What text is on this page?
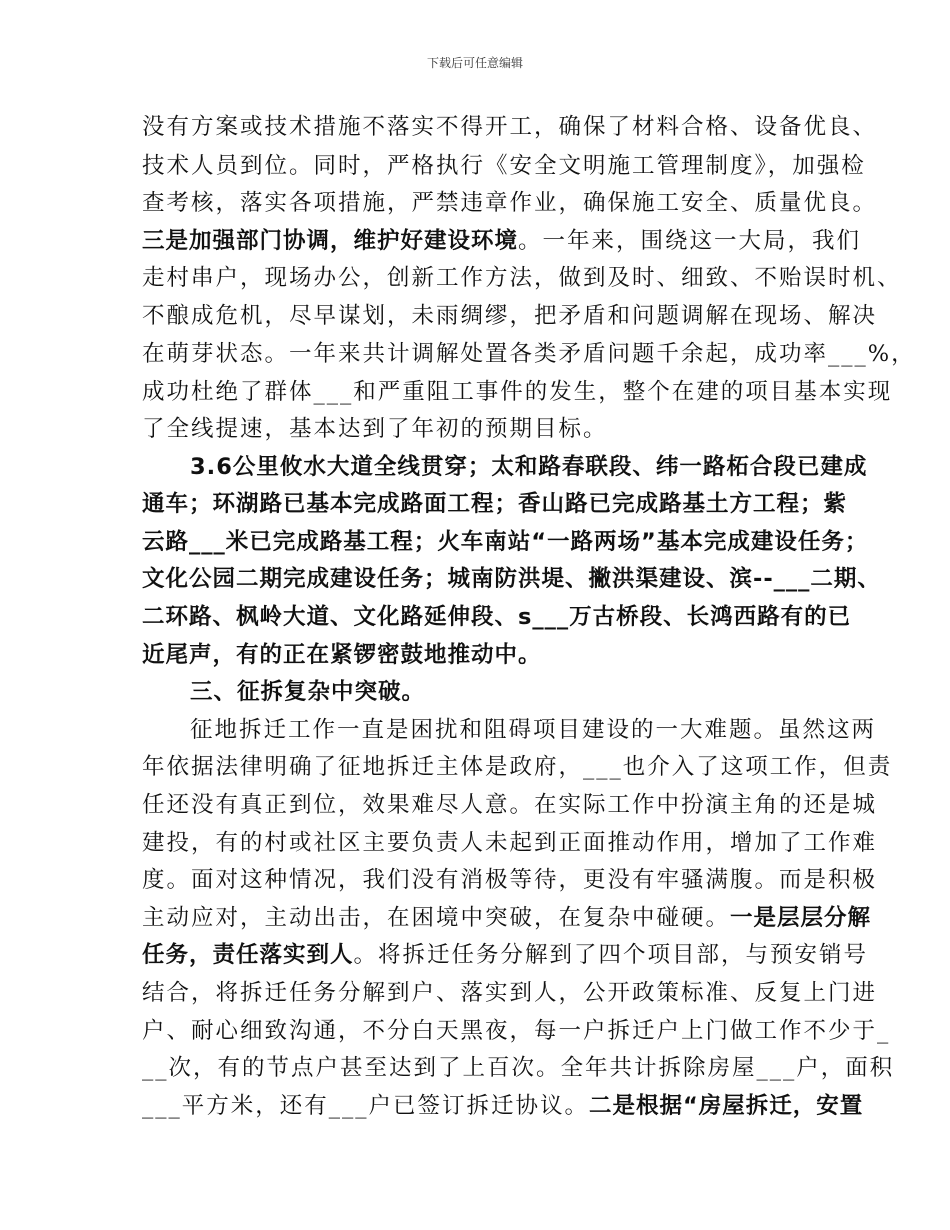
下载后可任意编辑
没有方案或技术措施不落实不得开工，确保了材料合格、设备优良、
技术人员到位。同时，严格执行《安全文明施工管理制度》，加强检
查考核，落实各项措施，严禁违章作业，确保施工安全、质量优良。
三是加强部门协调，维护好建设环境。一年来，围绕这一大局，我们
走村串户，现场办公，创新工作方法，做到及时、细致、不贻误时机、
不酿成危机，尽早谋划，未雨绸缪，把矛盾和问题调解在现场、解决
在萌芽状态。一年来共计调解处置各类矛盾问题千余起，成功率___%，
成功杜绝了群体___和严重阻工事件的发生，整个在建的项目基本实现
了全线提速，基本达到了年初的预期目标。
3.6公里攸水大道全线贯穿；太和路春联段、纬一路柘合段已建成
通车；环湖路已基本完成路面工程；香山路已完成路基土方工程；紫
云路___米已完成路基工程；火车南站“一路两场”基本完成建设任务；
文化公园二期完成建设任务；城南防洪堤、撇洪渠建设、滨--___二期、
二环路、枫岭大道、文化路延伸段、s___万古桥段、长鸿西路有的已
近尾声，有的正在紧锣密鼓地推动中。
三、征拆复杂中突破。
征地拆迁工作一直是困扰和阻碍项目建设的一大难题。虽然这两
年依据法律明确了征地拆迁主体是政府，___也介入了这项工作，但责
任还没有真正到位，效果难尽人意。在实际工作中扮演主角的还是城
建投，有的村或社区主要负责人未起到正面推动作用，增加了工作难
度。面对这种情况，我们没有消极等待，更没有牢骚满腹。而是积极
主动应对，主动出击，在困境中突破，在复杂中碰硬。一是层层分解
任务，责任落实到人。将拆迁任务分解到了四个项目部，与预安销号
结合，将拆迁任务分解到户、落实到人，公开政策标准、反复上门进
户、耐心细致沟通，不分白天黑夜，每一户拆迁户上门做工作不少于_
__次，有的节点户甚至达到了上百次。全年共计拆除房屋___户，面积
___平方米，还有___户已签订拆迁协议。二是根据“房屋拆迁，安置
